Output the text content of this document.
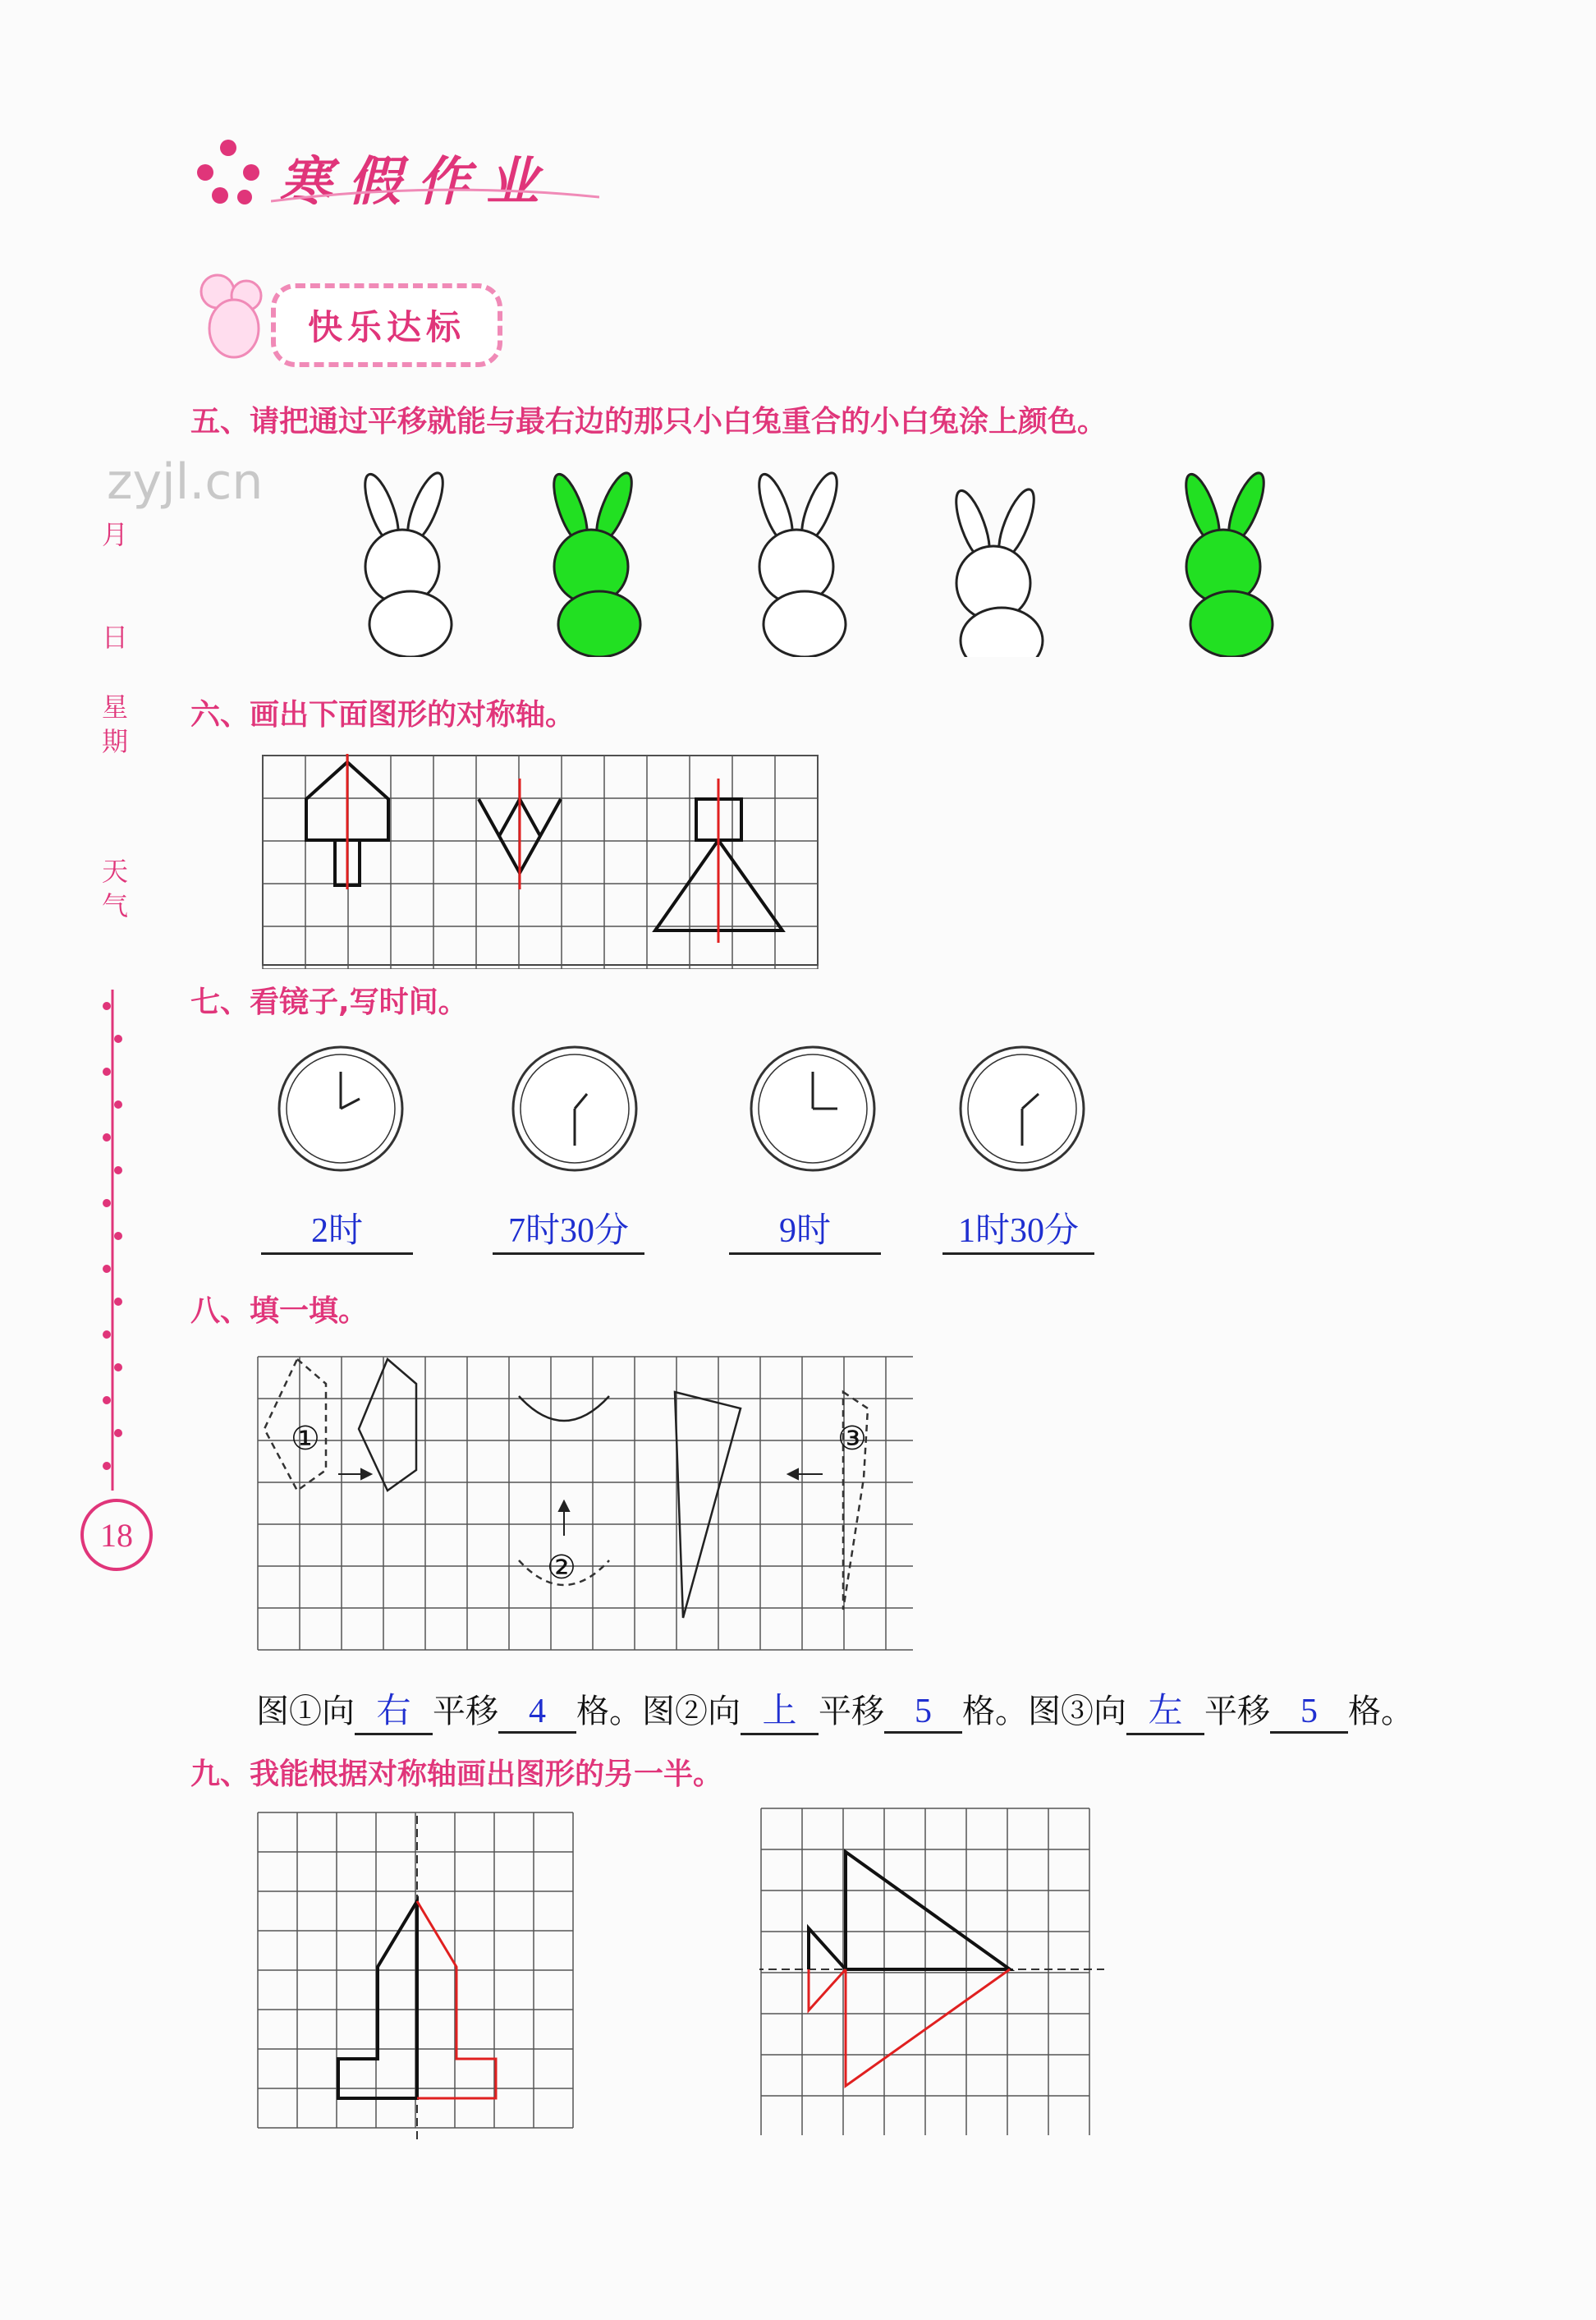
寒假作业
快乐达标
zyjl.cn
月
日
星期
天气
18
五、请把通过平移就能与最右边的那只小白兔重合的小白兔涂上颜色。
六、画出下面图形的对称轴。
七、看镜子,写时间。
2时	7时30分	9时	1时30分
八、填一填。
①
②
③
图①向 右 平移 4 格。图②向 上 平移 5 格。图③向 左 平移 5 格。
九、我能根据对称轴画出图形的另一半。
